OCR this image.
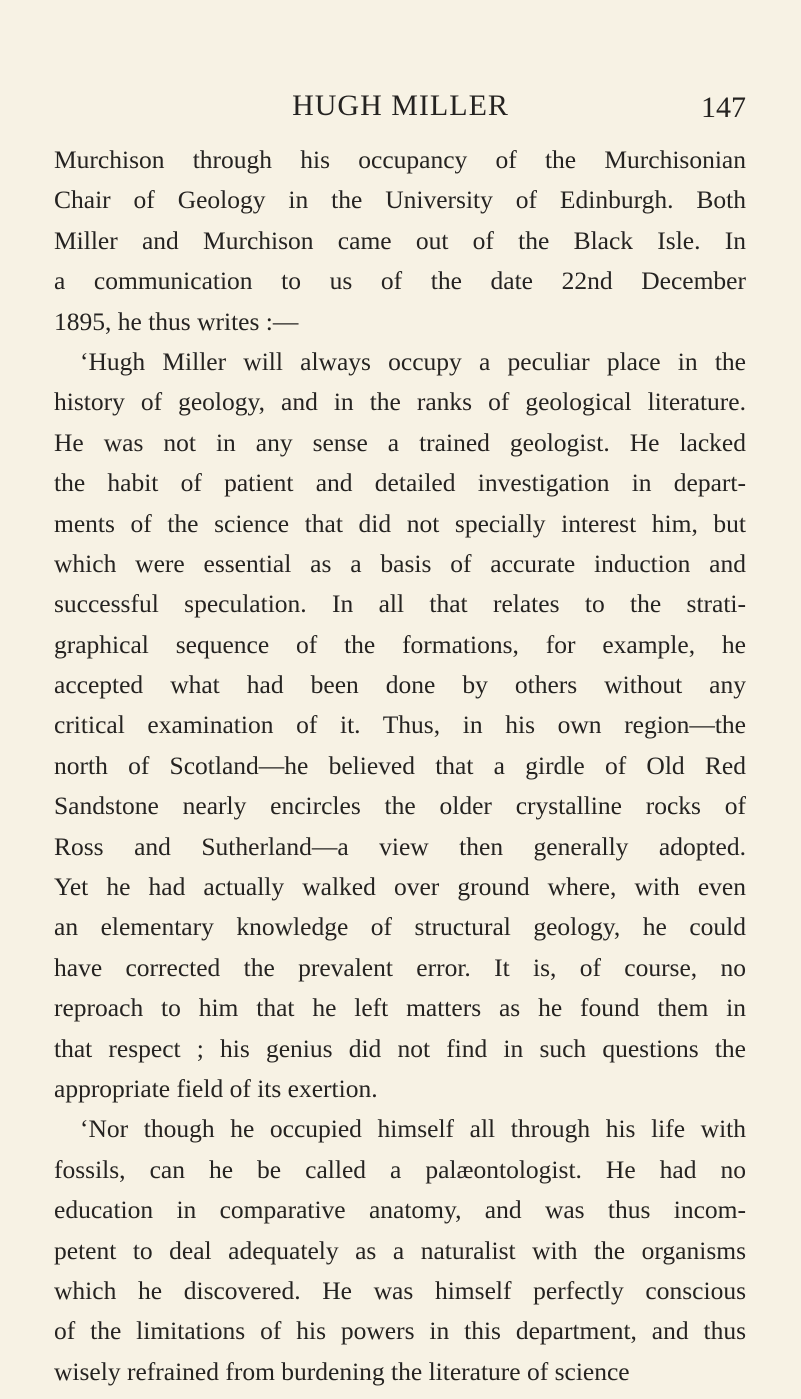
HUGH MILLER	147

Murchison through his occupancy of the Murchisonian
Chair of Geology in the University of Edinburgh. Both
Miller and Murchison came out of the Black Isle. In
a communication to us of the date 22nd December
1895, he thus writes :—

‘Hugh Miller will always occupy a peculiar place in the
history of geology, and in the ranks of geological literature.
He was not in any sense a trained geologist. He lacked
the habit of patient and detailed investigation in depart-
ments of the science that did not specially interest him, but
which were essential as a basis of accurate induction and
successful speculation. In all that relates to the strati-
graphical sequence of the formations, for example, he
accepted what had been done by others without any
critical examination of it. Thus, in his own region—the
north of Scotland—he believed that a girdle of Old Red
Sandstone nearly encircles the older crystalline rocks of
Ross and Sutherland—a view then generally adopted.
Yet he had actually walked over ground where, with even
an elementary knowledge of structural geology, he could
have corrected the prevalent error. It is, of course, no
reproach to him that he left matters as he found them in
that respect ; his genius did not find in such questions the
appropriate field of its exertion.

‘Nor though he occupied himself all through his life with
fossils, can he be called a palæontologist. He had no
education in comparative anatomy, and was thus incom-
petent to deal adequately as a naturalist with the organisms
which he discovered. He was himself perfectly conscious
of the limitations of his powers in this department, and thus
wisely refrained from burdening the literature of science
